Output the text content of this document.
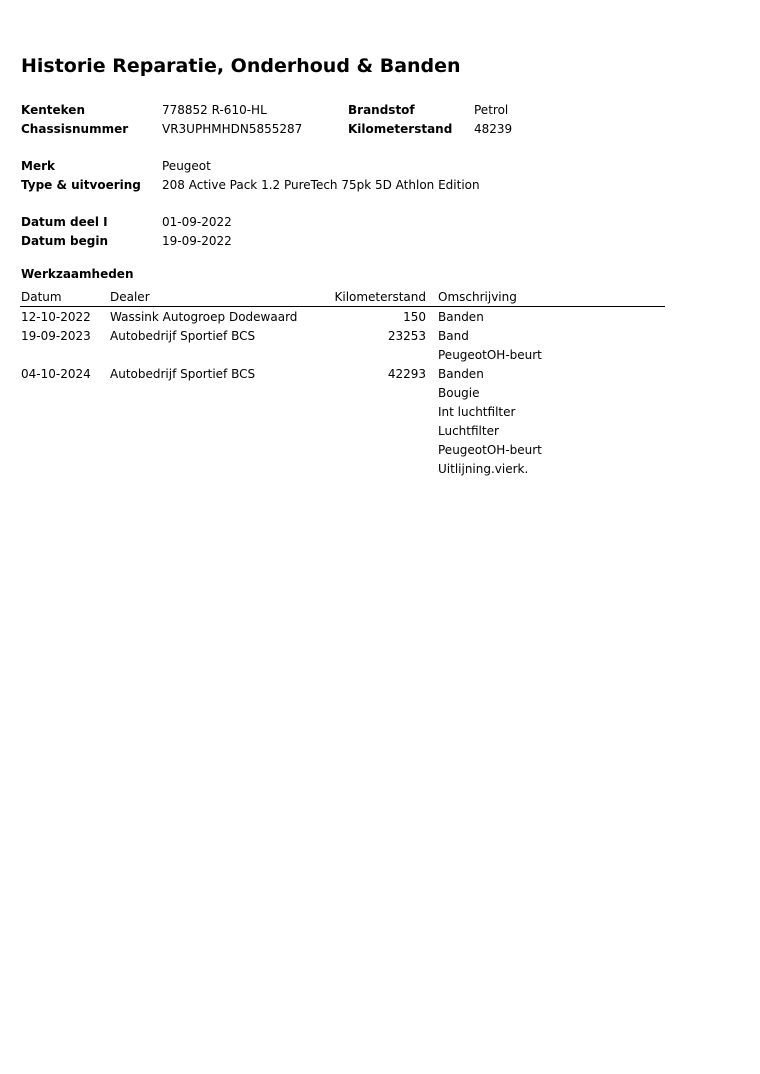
Historie Reparatie, Onderhoud & Banden
Kenteken	778852 R-610-HL	Brandstof	Petrol
Chassisnummer	VR3UPHMHDN5855287	Kilometerstand 48239
Merk	Peugeot
Type & uitvoering 208 Active Pack 1.2 PureTech 75pk 5D Athlon Edition
Datum deel I	01-09-2022
Datum begin	19-09-2022
Werkzaamheden
Datum	Dealer	Kilometerstand Omschrijving
12-10-2022 Wassink Autogroep Dodewaard	150 Banden
19-09-2023 Autobedrijf Sportief BCS	23253 Band
PeugeotOH-beurt
04-10-2024 Autobedrijf Sportief BCS	42293 Banden
Bougie
Int luchtfilter
Luchtfilter
PeugeotOH-beurt
Uitlijning.vierk.
